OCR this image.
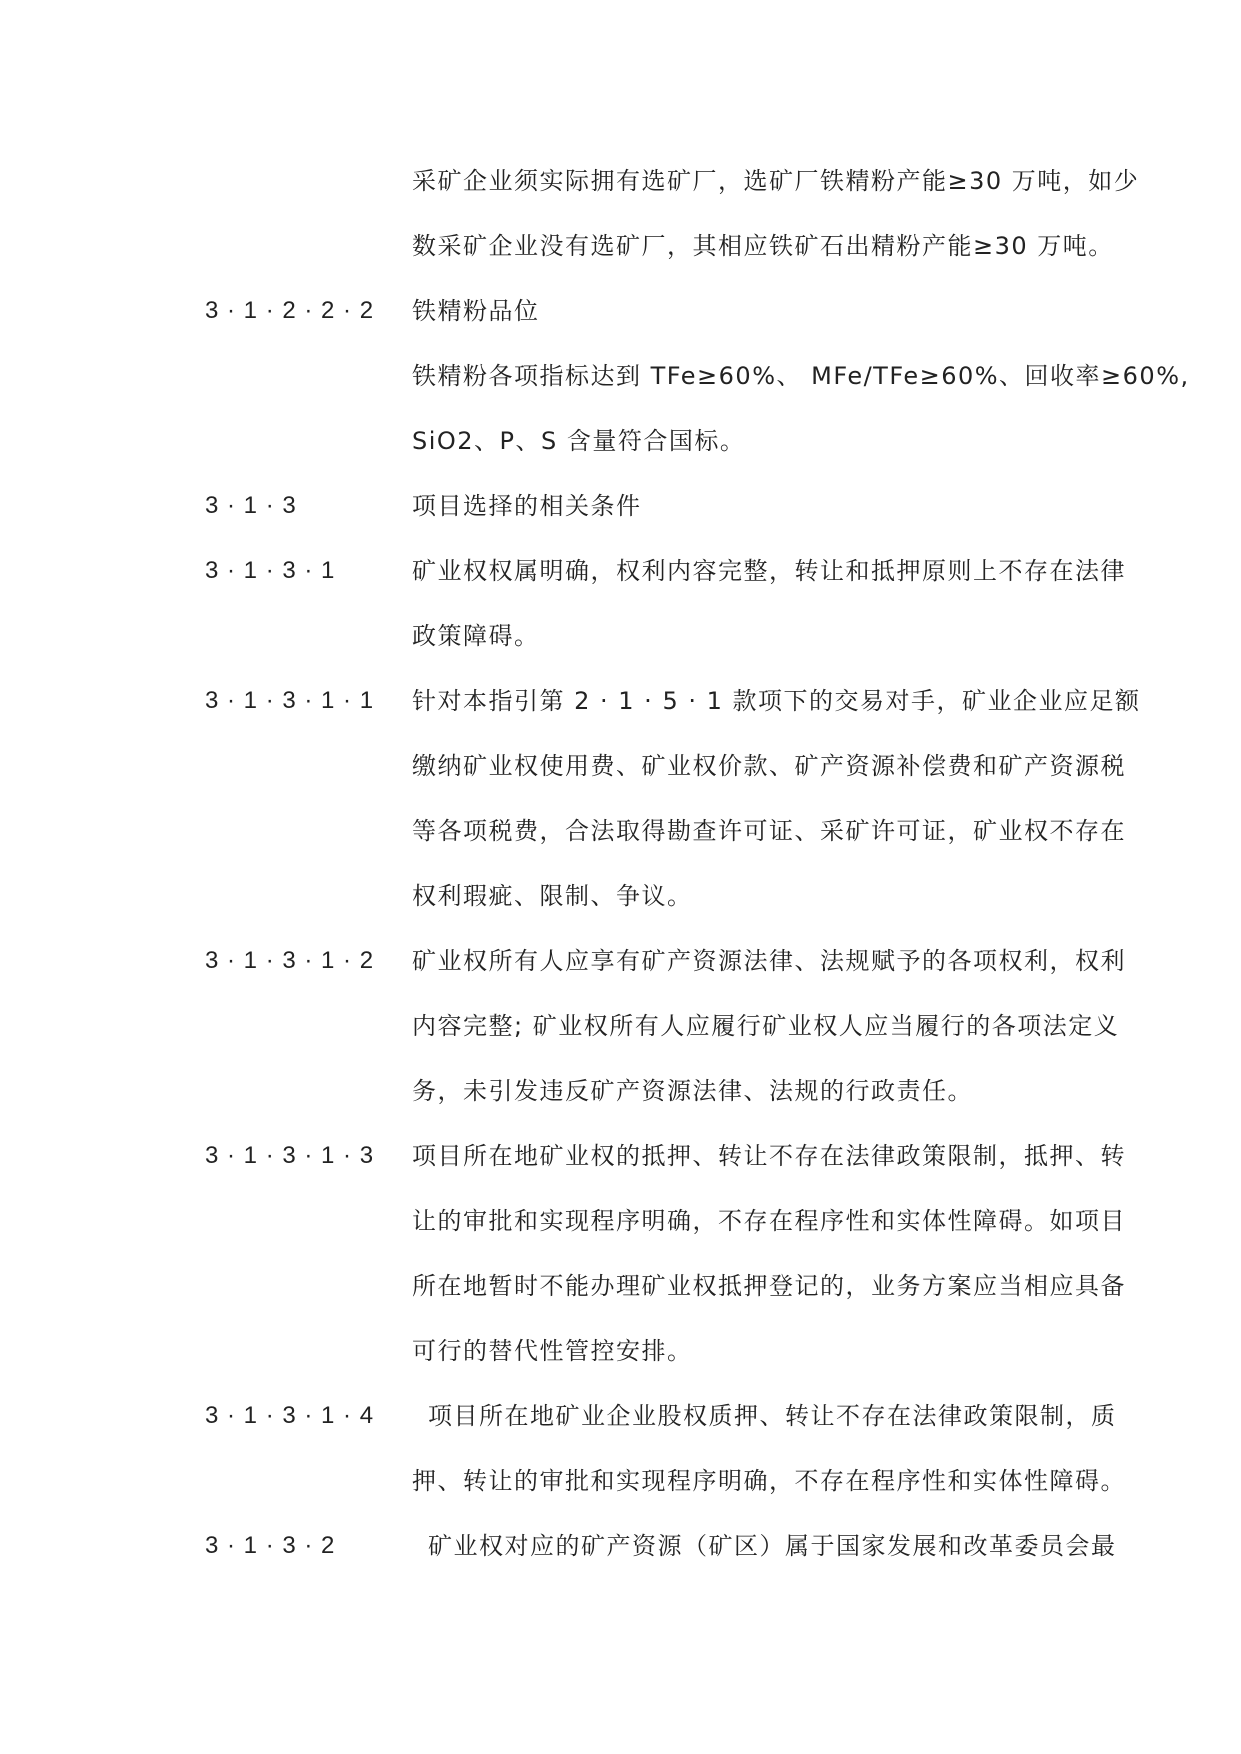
采矿企业须实际拥有选矿厂，选矿厂铁精粉产能≥30 万吨，如少
数采矿企业没有选矿厂，其相应铁矿石出精粉产能≥30 万吨。
3 · 1 · 2 · 2 · 2 铁精粉品位
铁精粉各项指标达到 TFe≥60%、 MFe/TFe≥60%、回收率≥60%,
SiO2、P、S 含量符合国标。
3 · 1 · 3	项目选择的相关条件
3 · 1 · 3 · 1	矿业权权属明确，权利内容完整，转让和抵押原则上不存在法律
政策障碍。
3 · 1 · 3 · 1 · 1 针对本指引第 2 · 1 · 5 · 1 款项下的交易对手，矿业企业应足额
缴纳矿业权使用费、矿业权价款、矿产资源补偿费和矿产资源税
等各项税费，合法取得勘查许可证、采矿许可证，矿业权不存在
权利瑕疵、限制、争议。
3 · 1 · 3 · 1 · 2 矿业权所有人应享有矿产资源法律、法规赋予的各项权利，权利
内容完整; 矿业权所有人应履行矿业权人应当履行的各项法定义
务，未引发违反矿产资源法律、法规的行政责任。
3 · 1 · 3 · 1 · 3 项目所在地矿业权的抵押、转让不存在法律政策限制，抵押、转
让的审批和实现程序明确，不存在程序性和实体性障碍。如项目
所在地暂时不能办理矿业权抵押登记的，业务方案应当相应具备
可行的替代性管控安排。
3 · 1 · 3 · 1 · 4 项目所在地矿业企业股权质押、转让不存在法律政策限制，质
押、转让的审批和实现程序明确，不存在程序性和实体性障碍。
3 · 1 · 3 · 2	矿业权对应的矿产资源（矿区）属于国家发展和改革委员会最
